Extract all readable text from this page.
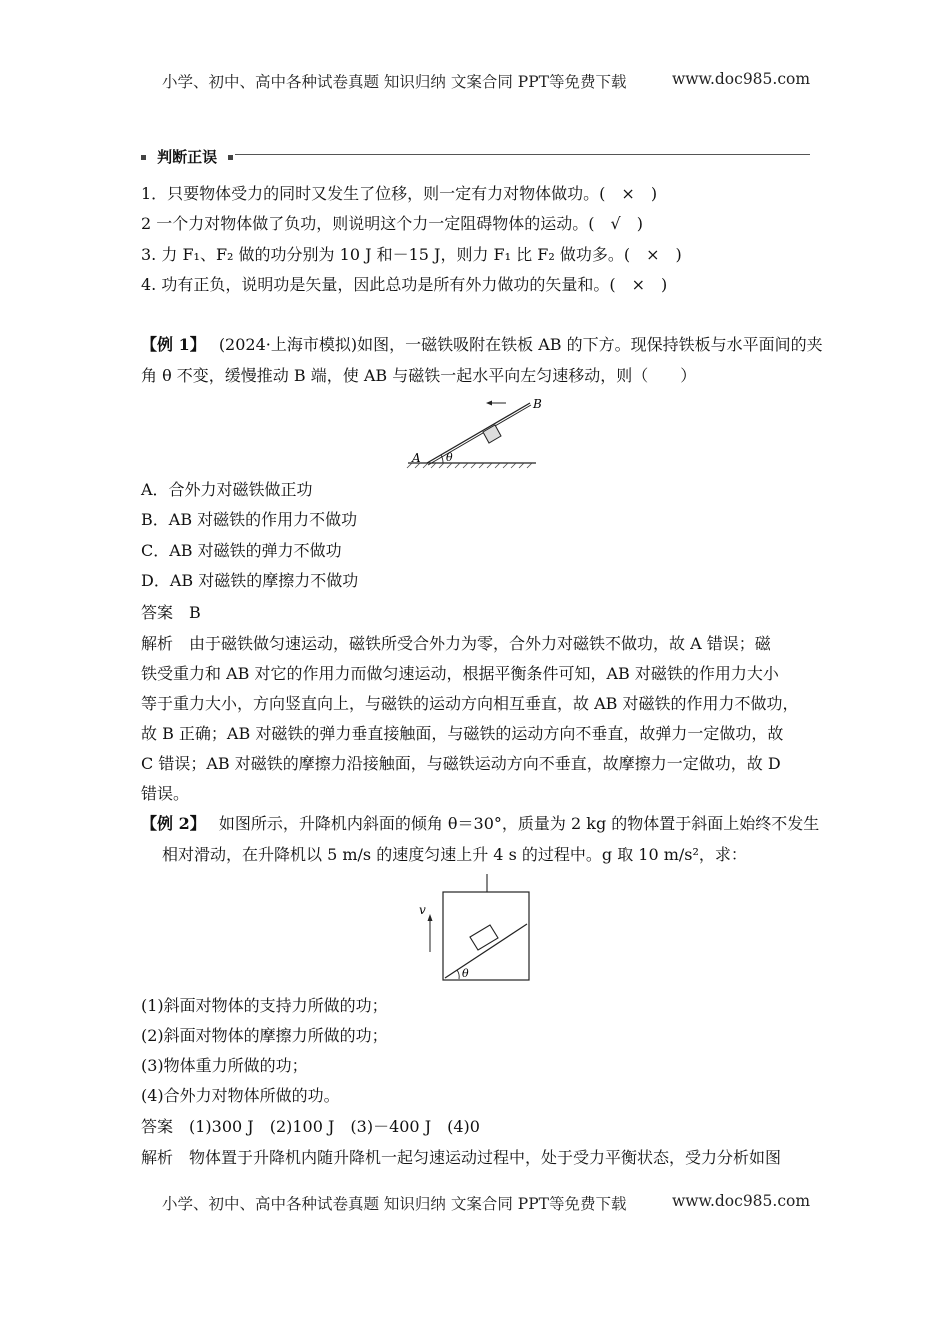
小学、初中、高中各种试卷真题 知识归纳 文案合同 PPT等免费下载	www.doc985.com
判断正误
1．只要物体受力的同时又发生了位移，则一定有力对物体做功。(　×　)
2 一个力对物体做了负功，则说明这个力一定阻碍物体的运动。(　√　)
3. 力 F₁、F₂ 做的功分别为 10 J 和－15 J，则力 F₁ 比 F₂ 做功多。(　×　)
4. 功有正负，说明功是矢量，因此总功是所有外力做功的矢量和。(　×　)
【例 1】 (2024·上海市模拟)如图，一磁铁吸附在铁板 AB 的下方。现保持铁板与水平面间的夹
角 θ 不变，缓慢推动 B 端，使 AB 与磁铁一起水平向左匀速移动，则（　　）
A
B
θ
A．合外力对磁铁做正功
B．AB 对磁铁的作用力不做功
C．AB 对磁铁的弹力不做功
D．AB 对磁铁的摩擦力不做功
答案　B
解析　由于磁铁做匀速运动，磁铁所受合外力为零，合外力对磁铁不做功，故 A 错误；磁
铁受重力和 AB 对它的作用力而做匀速运动，根据平衡条件可知，AB 对磁铁的作用力大小
等于重力大小，方向竖直向上，与磁铁的运动方向相互垂直，故 AB 对磁铁的作用力不做功，
故 B 正确；AB 对磁铁的弹力垂直接触面，与磁铁的运动方向不垂直，故弹力一定做功，故
C 错误；AB 对磁铁的摩擦力沿接触面，与磁铁运动方向不垂直，故摩擦力一定做功，故 D
错误。
【例 2】 如图所示，升降机内斜面的倾角 θ＝30°，质量为 2 kg 的物体置于斜面上始终不发生
相对滑动，在升降机以 5 m/s 的速度匀速上升 4 s 的过程中。g 取 10 m/s²，求：
v
θ
(1)斜面对物体的支持力所做的功；
(2)斜面对物体的摩擦力所做的功；
(3)物体重力所做的功；
(4)合外力对物体所做的功。
答案　(1)300 J　(2)100 J　(3)－400 J　(4)0
解析　物体置于升降机内随升降机一起匀速运动过程中，处于受力平衡状态，受力分析如图
小学、初中、高中各种试卷真题 知识归纳 文案合同 PPT等免费下载	www.doc985.com
